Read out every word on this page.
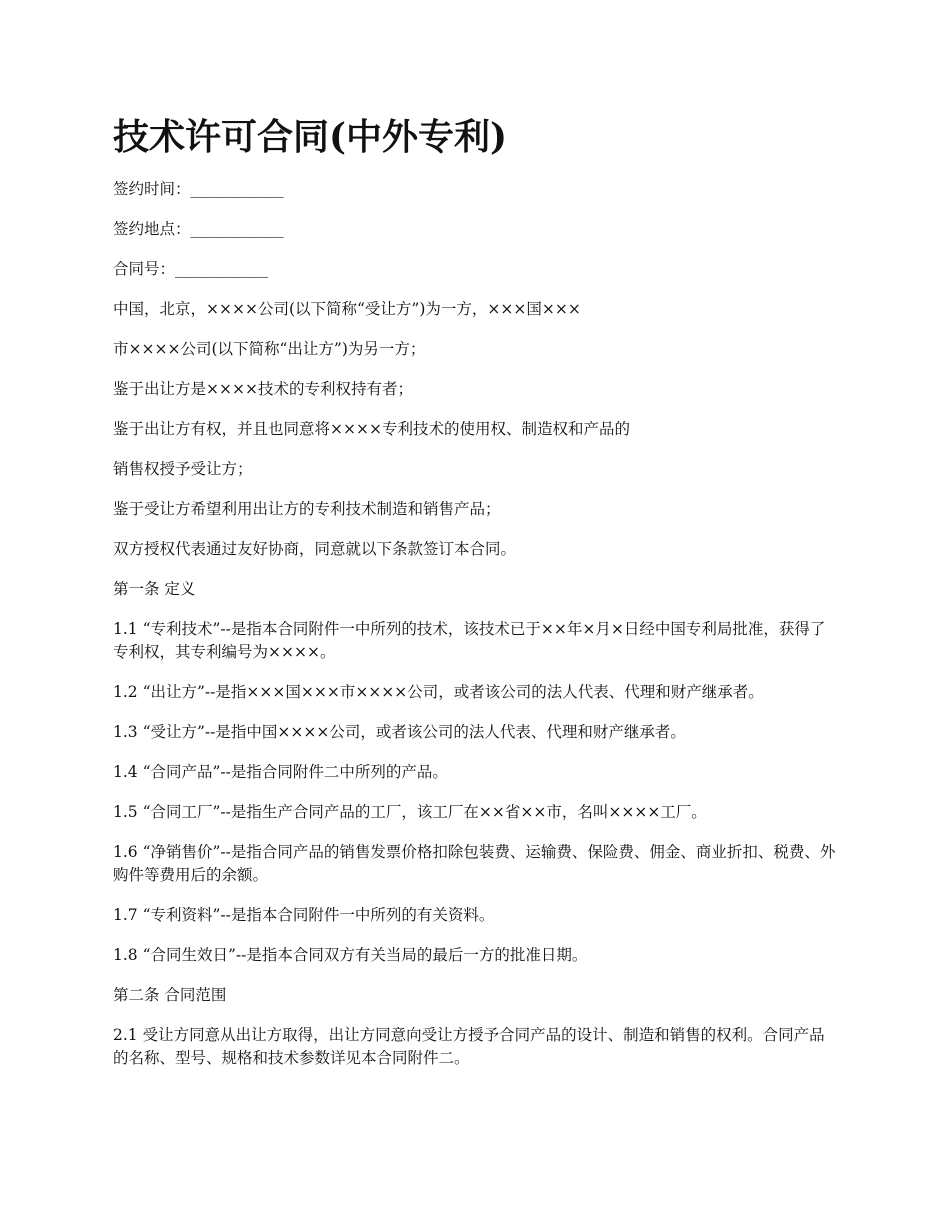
技术许可合同(中外专利)

签约时间：____________

签约地点：____________

合同号：____________

中国，北京，××××公司(以下简称“受让方”)为一方，×××国×××

市××××公司(以下简称“出让方”)为另一方；

鉴于出让方是××××技术的专利权持有者；

鉴于出让方有权，并且也同意将××××专利技术的使用权、制造权和产品的

销售权授予受让方；

鉴于受让方希望利用出让方的专利技术制造和销售产品；

双方授权代表通过友好协商，同意就以下条款签订本合同。

第一条 定义

1.1 “专利技术”--是指本合同附件一中所列的技术，该技术已于××年×月×日经中国专利局批准，获得了专利权，其专利编号为××××。

1.2 “出让方”--是指×××国×××市××××公司，或者该公司的法人代表、代理和财产继承者。

1.3 “受让方”--是指中国××××公司，或者该公司的法人代表、代理和财产继承者。

1.4 “合同产品”--是指合同附件二中所列的产品。

1.5 “合同工厂”--是指生产合同产品的工厂，该工厂在××省××市，名叫××××工厂。

1.6 “净销售价”--是指合同产品的销售发票价格扣除包装费、运输费、保险费、佣金、商业折扣、税费、外购件等费用后的余额。

1.7 “专利资料”--是指本合同附件一中所列的有关资料。

1.8 “合同生效日”--是指本合同双方有关当局的最后一方的批准日期。

第二条 合同范围

2.1 受让方同意从出让方取得，出让方同意向受让方授予合同产品的设计、制造和销售的权利。合同产品的名称、型号、规格和技术参数详见本合同附件二。
